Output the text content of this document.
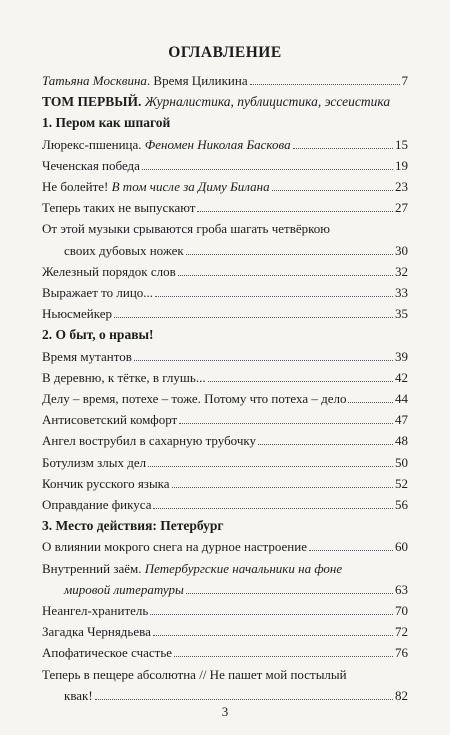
ОГЛАВЛЕНИЕ
Татьяна Москвина. Время Циликина	7
ТОМ ПЕРВЫЙ. Журналистика, публицистика, эссеистика
1. Пером как шпагой
Люрекс-пшеница. Феномен Николая Баскова	15
Чеченская победа	19
Не болейте! В том числе за Диму Билана	23
Теперь таких не выпускают	27
От этой музыки срываются гроба шагать четвёркою
своих дубовых ножек	30
Железный порядок слов	32
Выражает то лицо...	33
Ньюсмейкер	35
2. О быт, о нравы!
Время мутантов	39
В деревню, к тётке, в глушь...	42
Делу – время, потехе – тоже. Потому что потеха – дело	44
Антисоветский комфорт	47
Ангел вострубил в сахарную трубочку	48
Ботулизм злых дел	50
Кончик русского языка	52
Оправдание фикуса	56
3. Место действия: Петербург
О влиянии мокрого снега на дурное настроение	60
Внутренний заём. Петербургские начальники на фоне
мировой литературы	63
Неангел-хранитель	70
Загадка Чернядьева	72
Апофатическое счастье	76
Теперь в пещере абсолютна // Не пашет мой постылый
квак!	82
3
